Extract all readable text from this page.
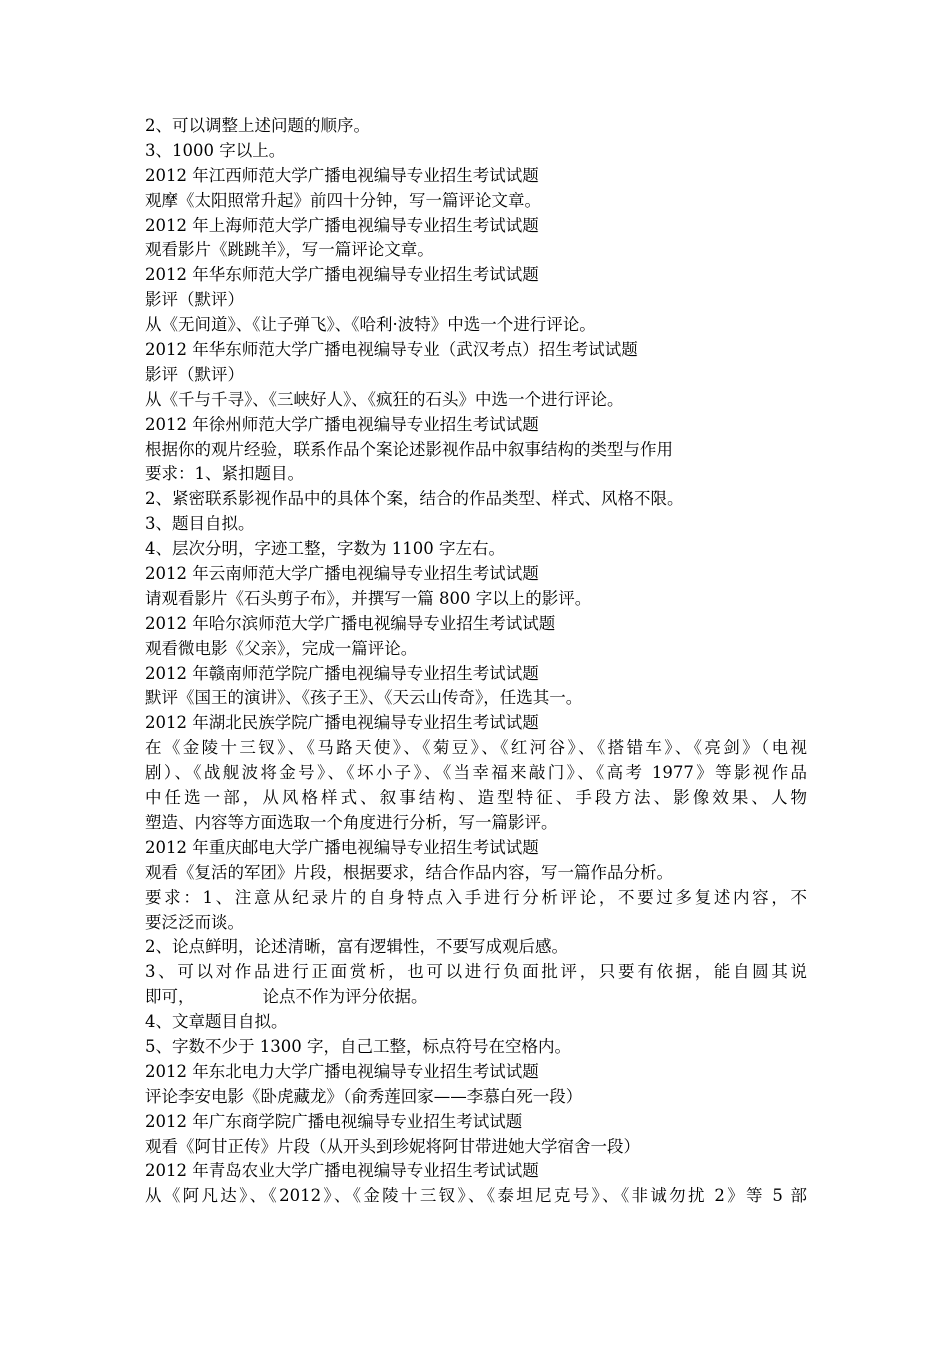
2、可以调整上述问题的顺序。
3、1000 字以上。
2012 年江西师范大学广播电视编导专业招生考试试题
观摩《太阳照常升起》前四十分钟，写一篇评论文章。
2012 年上海师范大学广播电视编导专业招生考试试题
观看影片《跳跳羊》，写一篇评论文章。
2012 年华东师范大学广播电视编导专业招生考试试题
影评（默评）
从《无间道》、《让子弹飞》、《哈利·波特》中选一个进行评论。
2012 年华东师范大学广播电视编导专业（武汉考点）招生考试试题
影评（默评）
从《千与千寻》、《三峡好人》、《疯狂的石头》中选一个进行评论。
2012 年徐州师范大学广播电视编导专业招生考试试题
根据你的观片经验，联系作品个案论述影视作品中叙事结构的类型与作用
要求：1、紧扣题目。
2、紧密联系影视作品中的具体个案，结合的作品类型、样式、风格不限。
3、题目自拟。
4、层次分明，字迹工整，字数为 1100 字左右。
2012 年云南师范大学广播电视编导专业招生考试试题
请观看影片《石头剪子布》，并撰写一篇 800 字以上的影评。
2012 年哈尔滨师范大学广播电视编导专业招生考试试题
观看微电影《父亲》，完成一篇评论。
2012 年赣南师范学院广播电视编导专业招生考试试题
默评《国王的演讲》、《孩子王》、《天云山传奇》，任选其一。
2012 年湖北民族学院广播电视编导专业招生考试试题
在《金陵十三钗》、《马路天使》、《菊豆》、《红河谷》、《搭错车》、《亮剑》（电视
剧）、《战舰波将金号》、《坏小子》、《当幸福来敲门》、《高考 1977》等影视作品
中任选一部，从风格样式、叙事结构、造型特征、手段方法、影像效果、人物
塑造、内容等方面选取一个角度进行分析，写一篇影评。
2012 年重庆邮电大学广播电视编导专业招生考试试题
观看《复活的军团》片段，根据要求，结合作品内容，写一篇作品分析。
要求：1、注意从纪录片的自身特点入手进行分析评论，不要过多复述内容，不
要泛泛而谈。
2、论点鲜明，论述清晰，富有逻辑性，不要写成观后感。
3、可以对作品进行正面赏析，也可以进行负面批评，只要有依据，能自圆其说
即可，	论点不作为评分依据。
4、文章题目自拟。
5、字数不少于 1300 字，自己工整，标点符号在空格内。
2012 年东北电力大学广播电视编导专业招生考试试题
评论李安电影《卧虎藏龙》（俞秀莲回家——李慕白死一段）
2012 年广东商学院广播电视编导专业招生考试试题
观看《阿甘正传》片段（从开头到珍妮将阿甘带进她大学宿舍一段）
2012 年青岛农业大学广播电视编导专业招生考试试题
从《阿凡达》、《2012》、《金陵十三钗》、《泰坦尼克号》、《非诚勿扰 2》等 5 部
